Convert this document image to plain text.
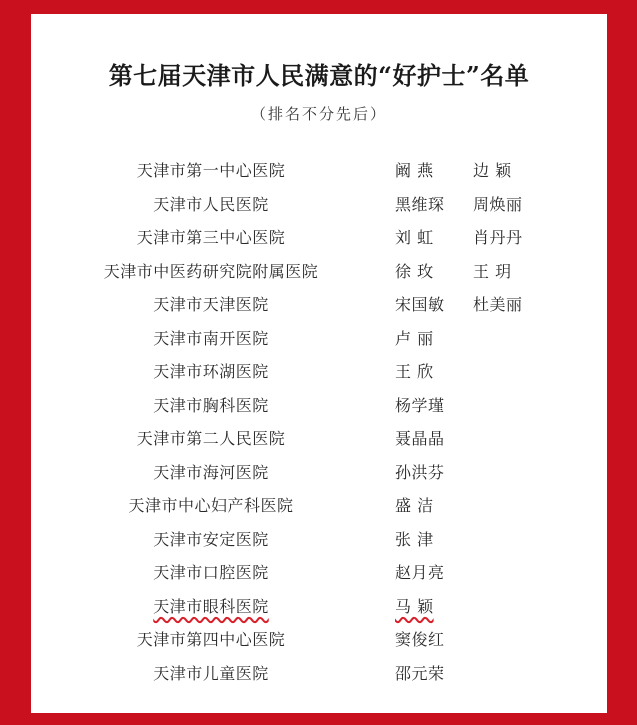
第七届天津市人民满意的“好护士”名单

（排名不分先后）

天津市第一中心医院	阚 燕	边 颖
天津市人民医院	黑维琛	周焕丽
天津市第三中心医院	刘 虹	肖丹丹
天津市中医药研究院附属医院	徐 玫	王 玥
天津市天津医院	宋国敏	杜美丽
天津市南开医院	卢 丽
天津市环湖医院	王 欣
天津市胸科医院	杨学瑾
天津市第二人民医院	聂晶晶
天津市海河医院	孙洪芬
天津市中心妇产科医院	盛 洁
天津市安定医院	张 津
天津市口腔医院	赵月亮
天津市眼科医院	马 颖
天津市第四中心医院	窦俊红
天津市儿童医院	邵元荣
